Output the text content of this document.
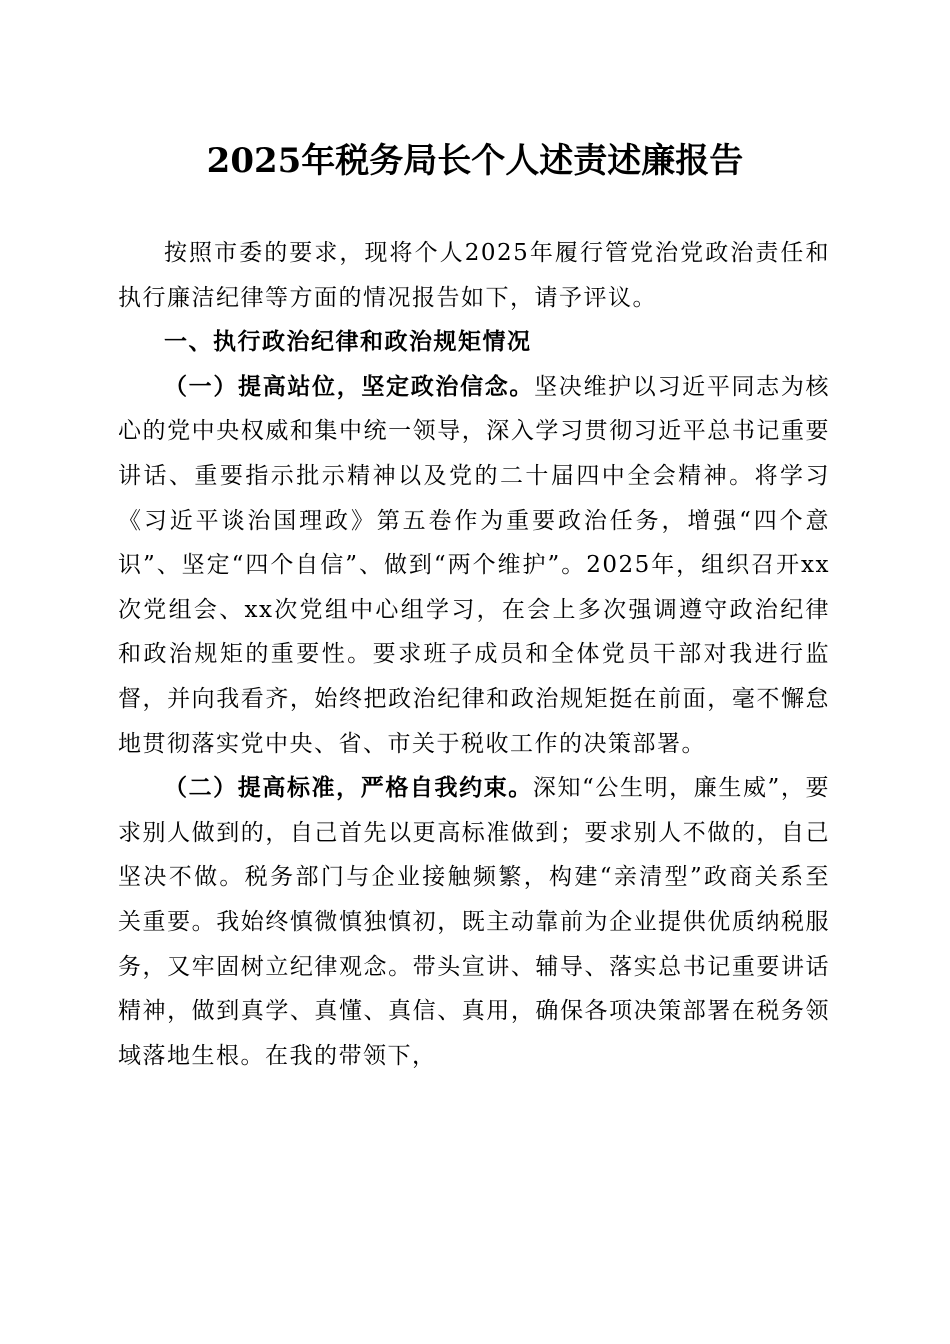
2025年税务局长个人述责述廉报告

按照市委的要求，现将个人2025年履行管党治党政治责任和执行廉洁纪律等方面的情况报告如下，请予评议。

一、执行政治纪律和政治规矩情况

（一）提高站位，坚定政治信念。坚决维护以习近平同志为核心的党中央权威和集中统一领导，深入学习贯彻习近平总书记重要讲话、重要指示批示精神以及党的二十届四中全会精神。将学习《习近平谈治国理政》第五卷作为重要政治任务，增强“四个意识”、坚定“四个自信”、做到“两个维护”。2025年，组织召开xx次党组会、xx次党组中心组学习，在会上多次强调遵守政治纪律和政治规矩的重要性。要求班子成员和全体党员干部对我进行监督，并向我看齐，始终把政治纪律和政治规矩挺在前面，毫不懈怠地贯彻落实党中央、省、市关于税收工作的决策部署。

（二）提高标准，严格自我约束。深知“公生明，廉生威”，要求别人做到的，自己首先以更高标准做到；要求别人不做的，自己坚决不做。税务部门与企业接触频繁，构建“亲清型”政商关系至关重要。我始终慎微慎独慎初，既主动靠前为企业提供优质纳税服务，又牢固树立纪律观念。带头宣讲、辅导、落实总书记重要讲话精神，做到真学、真懂、真信、真用，确保各项决策部署在税务领域落地生根。在我的带领下，
